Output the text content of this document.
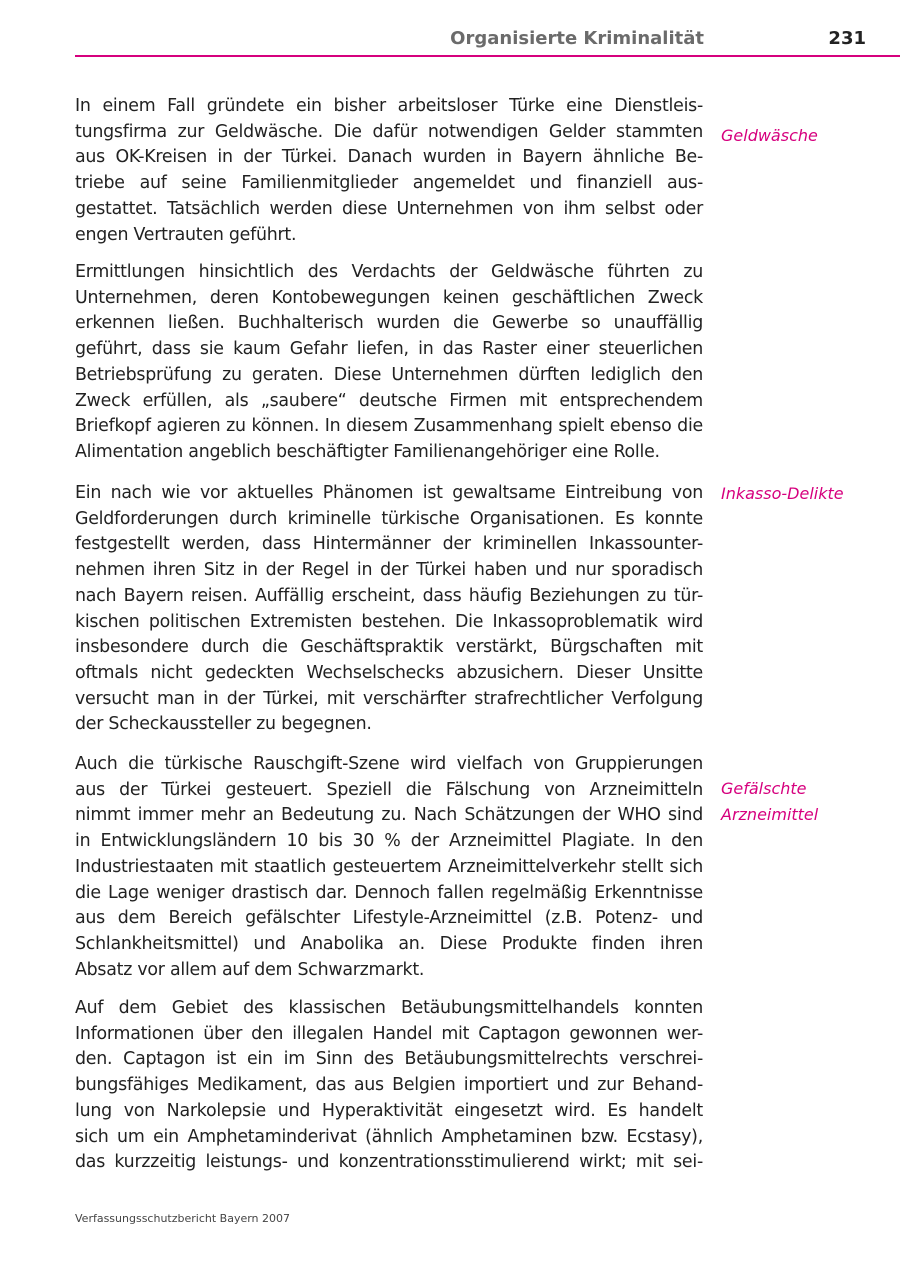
Organisierte Kriminalität	231
In einem Fall gründete ein bisher arbeitsloser Türke eine Dienstleis-
tungsfirma zur Geldwäsche. Die dafür notwendigen Gelder stammten
aus OK-Kreisen in der Türkei. Danach wurden in Bayern ähnliche Be-
triebe auf seine Familienmitglieder angemeldet und finanziell aus-
gestattet. Tatsächlich werden diese Unternehmen von ihm selbst oder
engen Vertrauten geführt.
Ermittlungen hinsichtlich des Verdachts der Geldwäsche führten zu
Unternehmen, deren Kontobewegungen keinen geschäftlichen Zweck
erkennen ließen. Buchhalterisch wurden die Gewerbe so unauffällig
geführt, dass sie kaum Gefahr liefen, in das Raster einer steuerlichen
Betriebsprüfung zu geraten. Diese Unternehmen dürften lediglich den
Zweck erfüllen, als „saubere“ deutsche Firmen mit entsprechendem
Briefkopf agieren zu können. In diesem Zusammenhang spielt ebenso die
Alimentation angeblich beschäftigter Familienangehöriger eine Rolle.
Ein nach wie vor aktuelles Phänomen ist gewaltsame Eintreibung von
Geldforderungen durch kriminelle türkische Organisationen. Es konnte
festgestellt werden, dass Hintermänner der kriminellen Inkassounter-
nehmen ihren Sitz in der Regel in der Türkei haben und nur sporadisch
nach Bayern reisen. Auffällig erscheint, dass häufig Beziehungen zu tür-
kischen politischen Extremisten bestehen. Die Inkassoproblematik wird
insbesondere durch die Geschäftspraktik verstärkt, Bürgschaften mit
oftmals nicht gedeckten Wechselschecks abzusichern. Dieser Unsitte
versucht man in der Türkei, mit verschärfter strafrechtlicher Verfolgung
der Scheckaussteller zu begegnen.
Auch die türkische Rauschgift-Szene wird vielfach von Gruppierungen
aus der Türkei gesteuert. Speziell die Fälschung von Arzneimitteln
nimmt immer mehr an Bedeutung zu. Nach Schätzungen der WHO sind
in Entwicklungsländern 10 bis 30 % der Arzneimittel Plagiate. In den
Industriestaaten mit staatlich gesteuertem Arzneimittelverkehr stellt sich
die Lage weniger drastisch dar. Dennoch fallen regelmäßig Erkenntnisse
aus dem Bereich gefälschter Lifestyle-Arzneimittel (z.B. Potenz- und
Schlankheitsmittel) und Anabolika an. Diese Produkte finden ihren
Absatz vor allem auf dem Schwarzmarkt.
Auf dem Gebiet des klassischen Betäubungsmittelhandels konnten
Informationen über den illegalen Handel mit Captagon gewonnen wer-
den. Captagon ist ein im Sinn des Betäubungsmittelrechts verschrei-
bungsfähiges Medikament, das aus Belgien importiert und zur Behand-
lung von Narkolepsie und Hyperaktivität eingesetzt wird. Es handelt
sich um ein Amphetaminderivat (ähnlich Amphetaminen bzw. Ecstasy),
das kurzzeitig leistungs- und konzentrationsstimulierend wirkt; mit sei-
Geldwäsche
Inkasso-Delikte
Gefälschte
Arzneimittel
Verfassungsschutzbericht Bayern 2007
